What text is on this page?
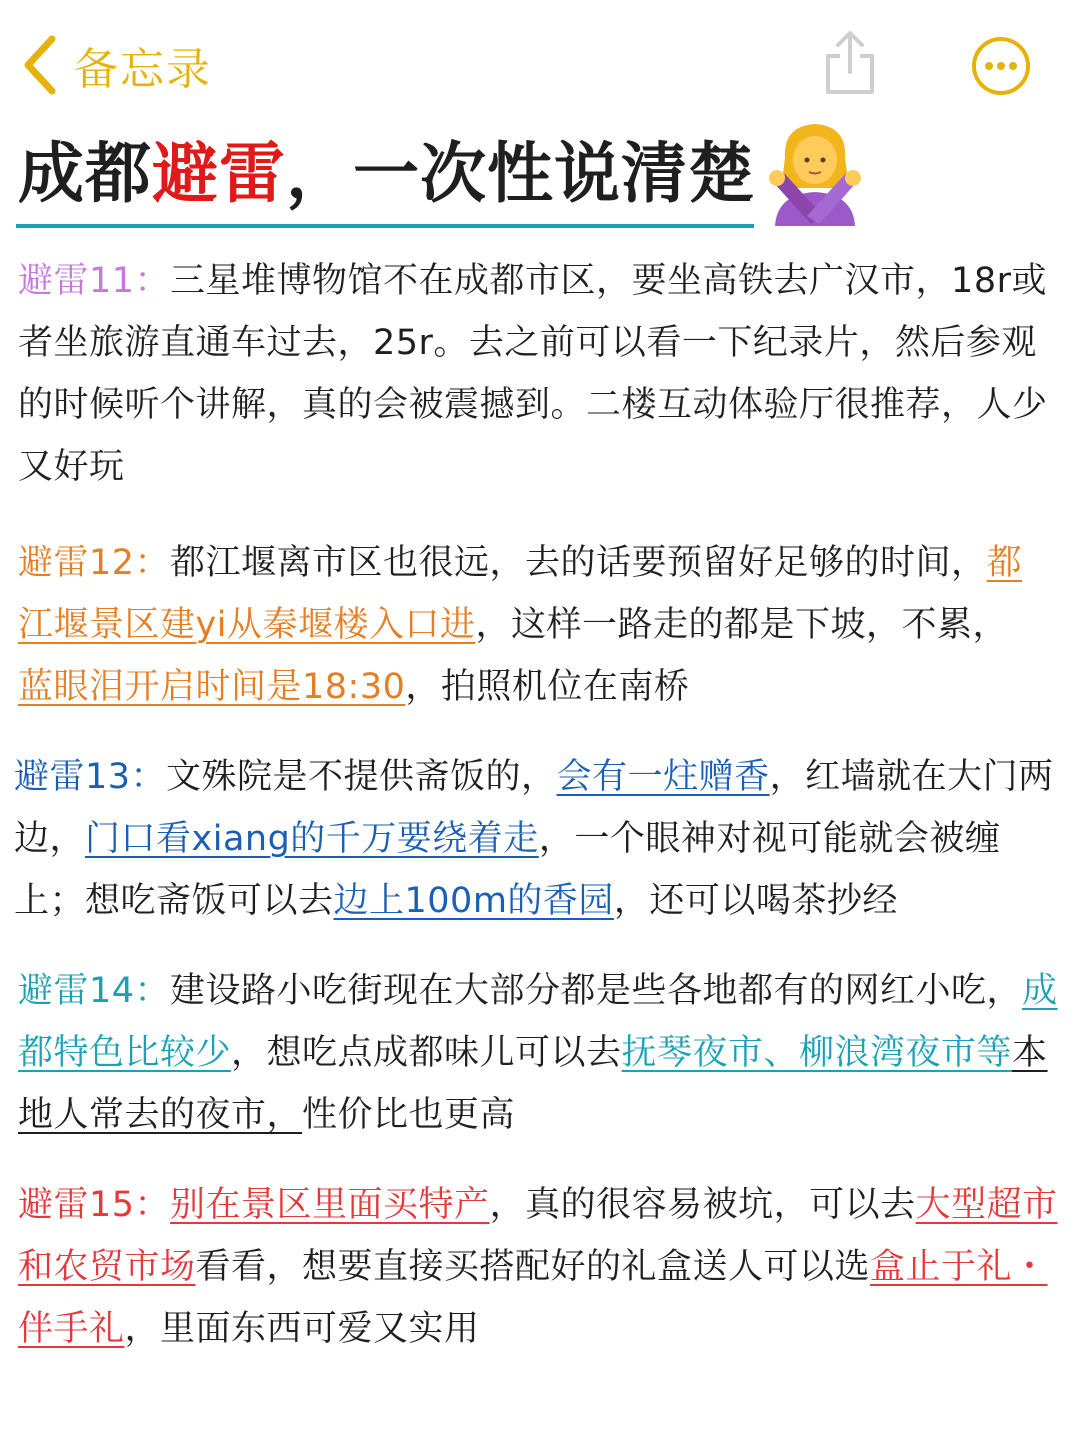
备忘录
成都避雷，一次性说清楚

避雷11：三星堆博物馆不在成都市区，要坐高铁去广汉市，18r或者坐旅游直通车过去，25r。去之前可以看一下纪录片，然后参观的时候听个讲解，真的会被震撼到。二楼互动体验厅很推荐，人少又好玩

避雷12：都江堰离市区也很远，去的话要预留好足够的时间，都江堰景区建yi从秦堰楼入口进，这样一路走的都是下坡，不累，蓝眼泪开启时间是18:30，拍照机位在南桥

避雷13：文殊院是不提供斋饭的，会有一炷赠香，红墙就在大门两边，门口看xiang的千万要绕着走，一个眼神对视可能就会被缠上；想吃斋饭可以去边上100m的香园，还可以喝茶抄经

避雷14：建设路小吃街现在大部分都是些各地都有的网红小吃，成都特色比较少，想吃点成都味儿可以去抚琴夜市、柳浪湾夜市等本地人常去的夜市，性价比也更高

避雷15：别在景区里面买特产，真的很容易被坑，可以去大型超市和农贸市场看看，想要直接买搭配好的礼盒送人可以选盒止于礼・伴手礼，里面东西可爱又实用
